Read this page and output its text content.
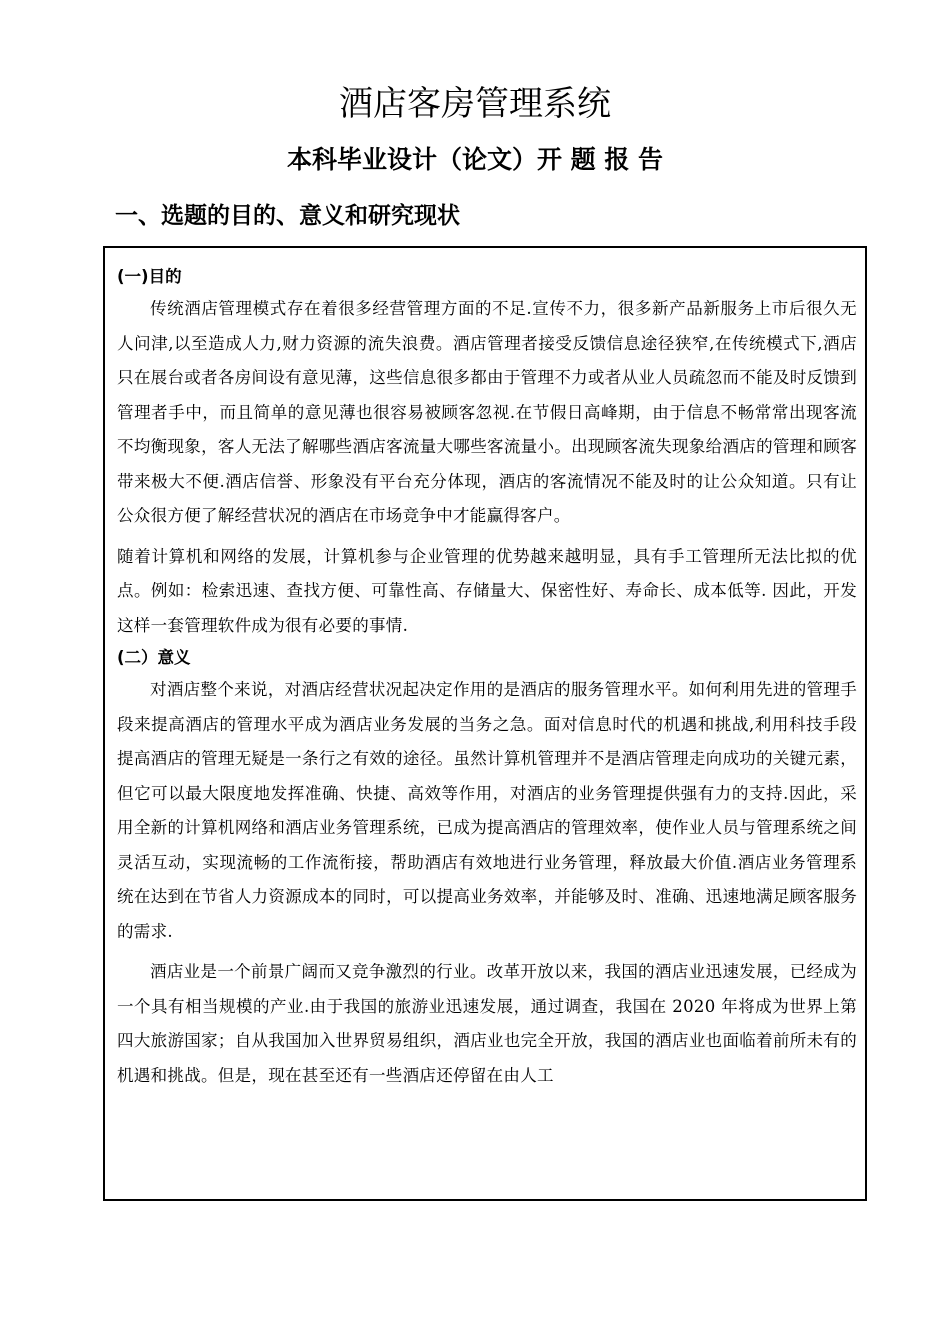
酒店客房管理系统
本科毕业设计（论文）开 题 报 告
一、选题的目的、意义和研究现状
(一)目的

传统酒店管理模式存在着很多经营管理方面的不足.宣传不力，很多新产品新服务上市后很久无人问津,以至造成人力,财力资源的流失浪费。酒店管理者接受反馈信息途径狭窄,在传统模式下,酒店只在展台或者各房间设有意见薄，这些信息很多都由于管理不力或者从业人员疏忽而不能及时反馈到管理者手中，而且简单的意见薄也很容易被顾客忽视.在节假日高峰期，由于信息不畅常常出现客流不均衡现象，客人无法了解哪些酒店客流量大哪些客流量小。出现顾客流失现象给酒店的管理和顾客带来极大不便.酒店信誉、形象没有平台充分体现，酒店的客流情况不能及时的让公众知道。只有让公众很方便了解经营状况的酒店在市场竞争中才能赢得客户。

随着计算机和网络的发展，计算机参与企业管理的优势越来越明显，具有手工管理所无法比拟的优点。例如：检索迅速、查找方便、可靠性高、存储量大、保密性好、寿命长、成本低等. 因此，开发这样一套管理软件成为很有必要的事情.

(二）意义

对酒店整个来说，对酒店经营状况起决定作用的是酒店的服务管理水平。如何利用先进的管理手段来提高酒店的管理水平成为酒店业务发展的当务之急。面对信息时代的机遇和挑战,利用科技手段提高酒店的管理无疑是一条行之有效的途径。虽然计算机管理并不是酒店管理走向成功的关键元素，但它可以最大限度地发挥准确、快捷、高效等作用，对酒店的业务管理提供强有力的支持.因此，采用全新的计算机网络和酒店业务管理系统，已成为提高酒店的管理效率，使作业人员与管理系统之间灵活互动，实现流畅的工作流衔接，帮助酒店有效地进行业务管理，释放最大价值.酒店业务管理系统在达到在节省人力资源成本的同时，可以提高业务效率，并能够及时、准确、迅速地满足顾客服务的需求.

酒店业是一个前景广阔而又竞争激烈的行业。改革开放以来，我国的酒店业迅速发展，已经成为一个具有相当规模的产业.由于我国的旅游业迅速发展，通过调查，我国在 2020 年将成为世界上第四大旅游国家；自从我国加入世界贸易组织，酒店业也完全开放，我国的酒店业也面临着前所未有的机遇和挑战。但是，现在甚至还有一些酒店还停留在由人工
